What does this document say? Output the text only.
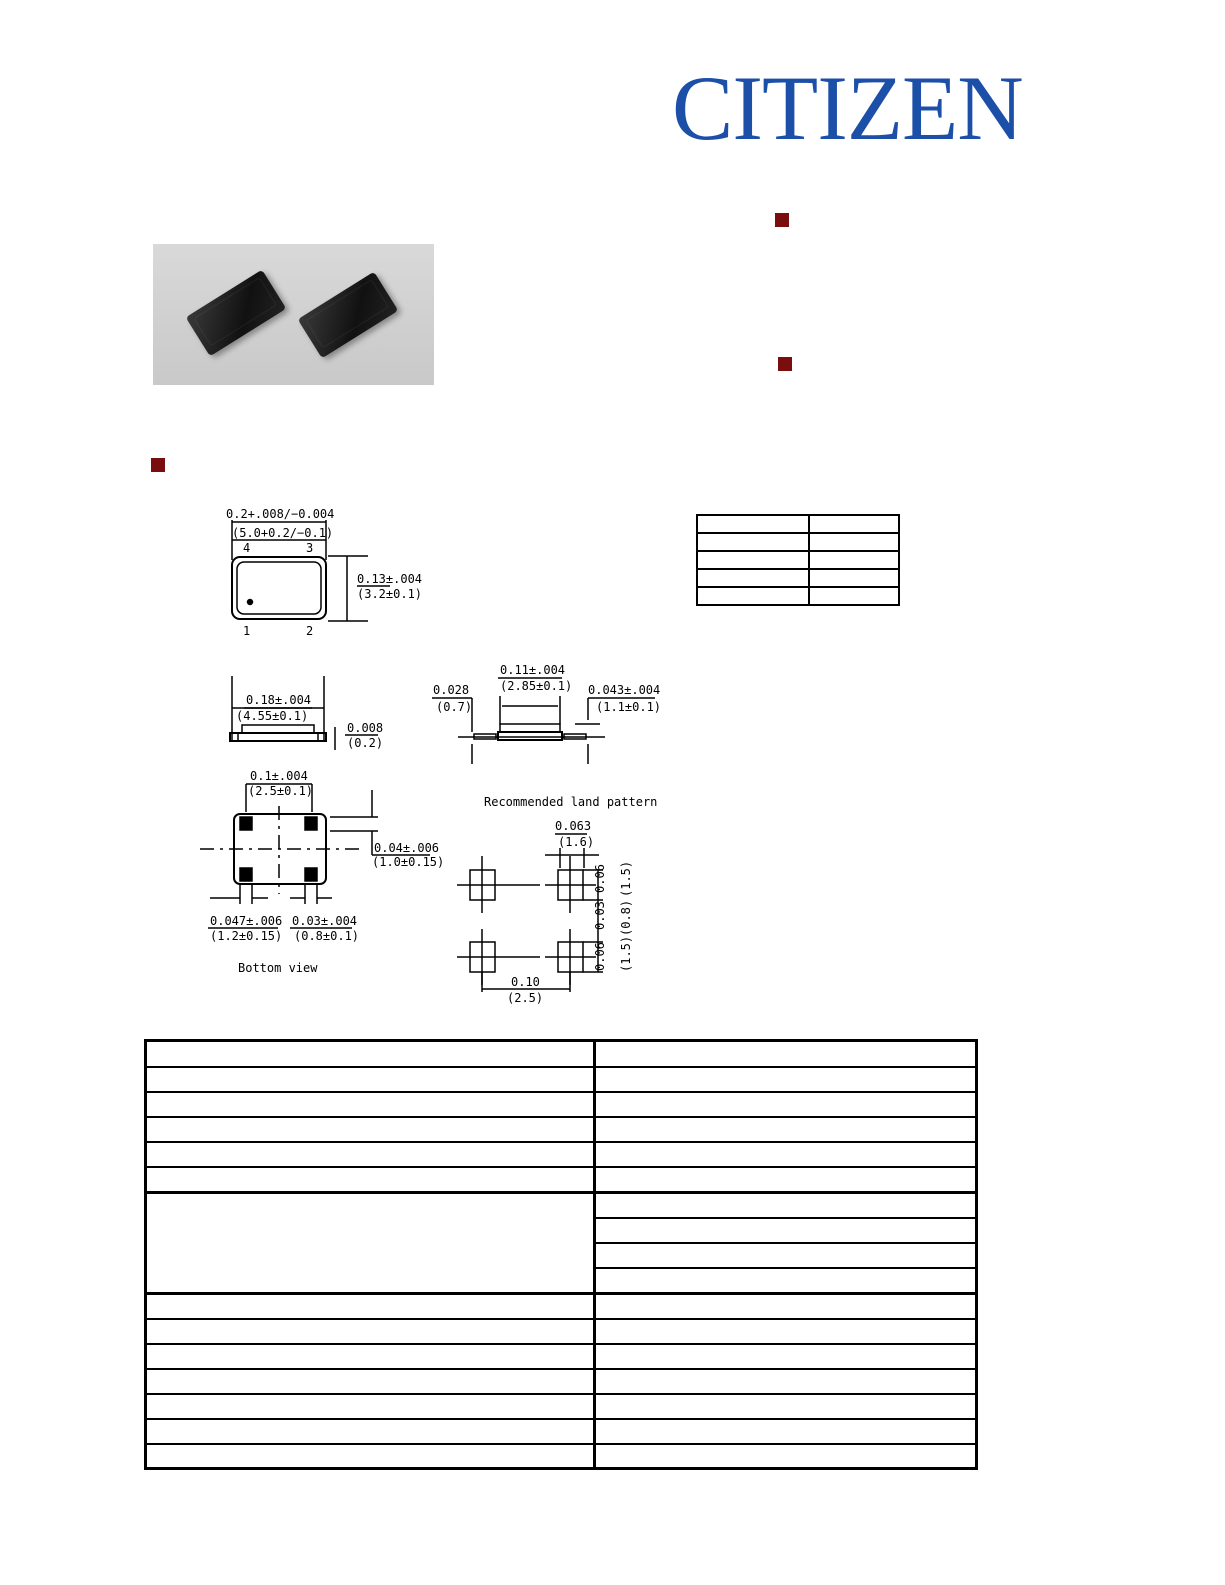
CITIZEN

0.2+.008/−0.004
(5.0+0.2/−0.1)
4	3
1	2
0.13±.004
(3.2±0.1)
0.18±.004
(4.55±0.1)
0.008
(0.2)
0.11±.004
(2.85±0.1)
0.028
(0.7)
0.043±.004
(1.1±0.1)
0.1±.004
(2.5±0.1)
0.04±.006
(1.0±0.15)
0.047±.006
(1.2±0.15)
0.03±.004
(0.8±0.1)
Bottom view
Recommended land pattern
0.063
(1.6)
0.06 (1.5)
0.03 (0.8)
0.06 (1.5)
0.10
(2.5)
